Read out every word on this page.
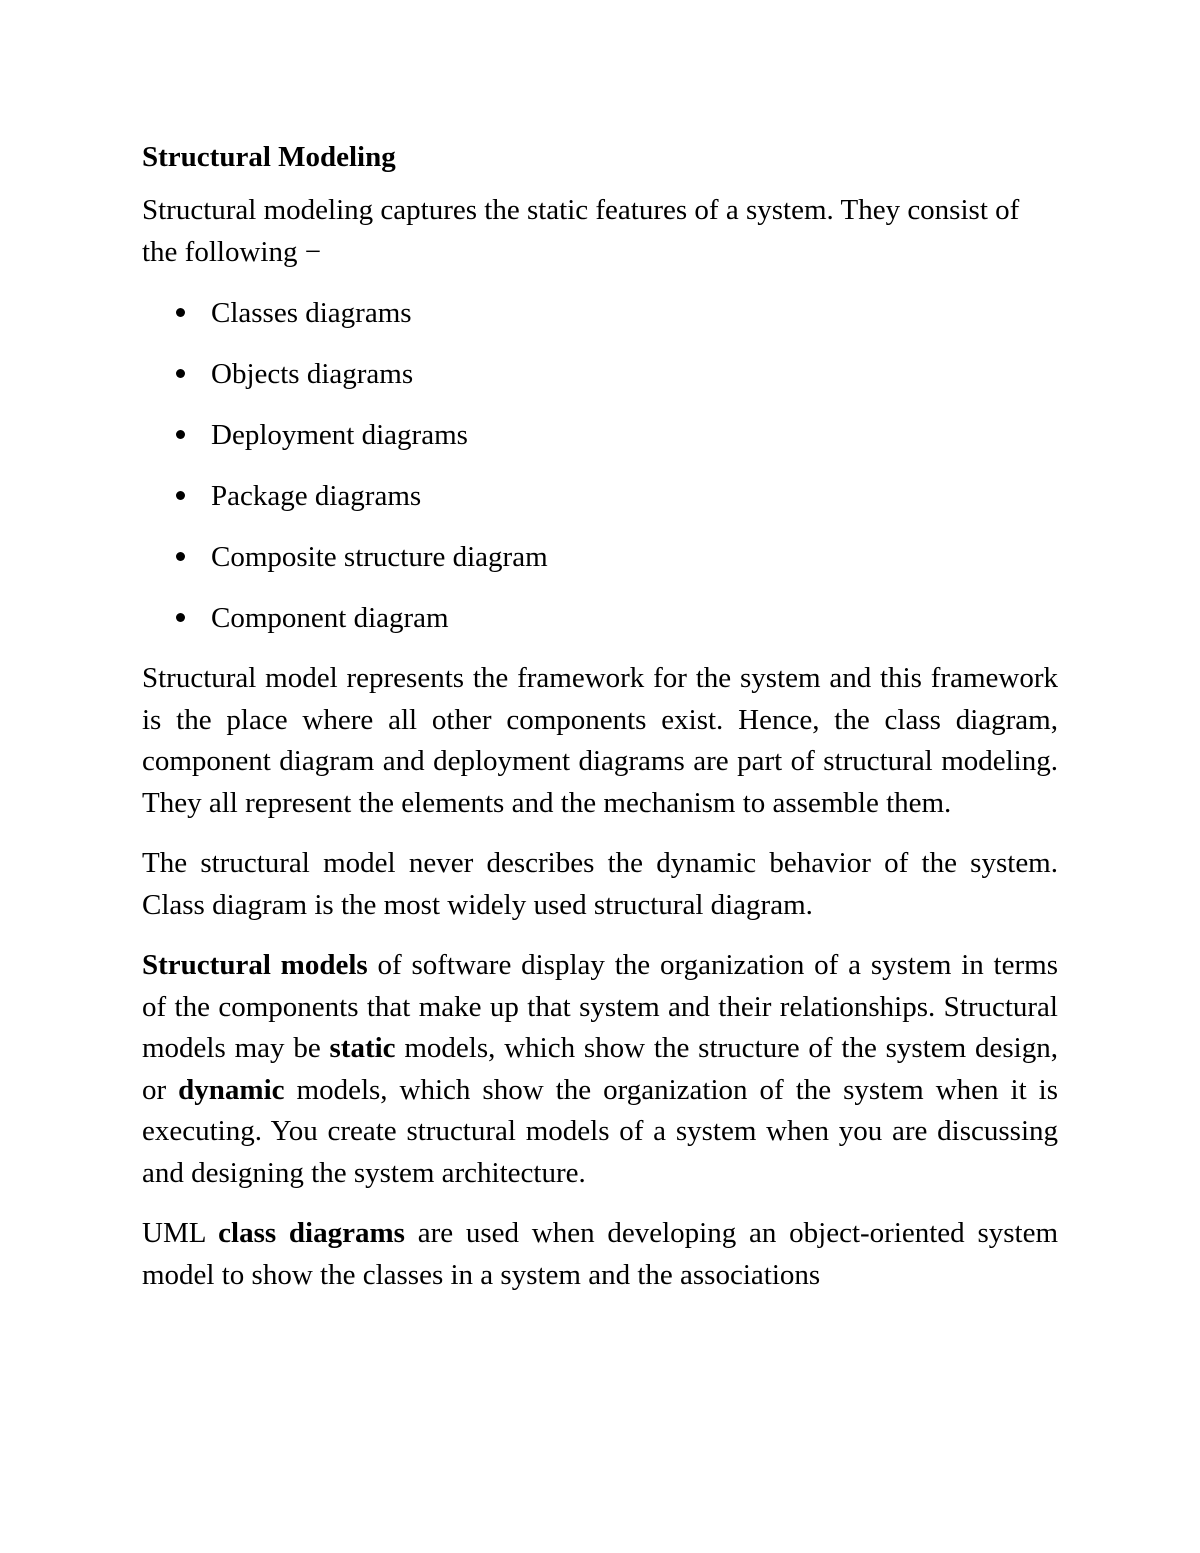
Structural Modeling

Structural modeling captures the static features of a system. They consist of the following −

Classes diagrams
Objects diagrams
Deployment diagrams
Package diagrams
Composite structure diagram
Component diagram

Structural model represents the framework for the system and this framework is the place where all other components exist. Hence, the class diagram, component diagram and deployment diagrams are part of structural modeling. They all represent the elements and the mechanism to assemble them.

The structural model never describes the dynamic behavior of the system. Class diagram is the most widely used structural diagram.

Structural models of software display the organization of a system in terms of the components that make up that system and their relationships. Structural models may be static models, which show the structure of the system design, or dynamic models, which show the organization of the system when it is executing. You create structural models of a system when you are discussing and designing the system architecture.

UML class diagrams are used when developing an object-oriented system model to show the classes in a system and the associations
